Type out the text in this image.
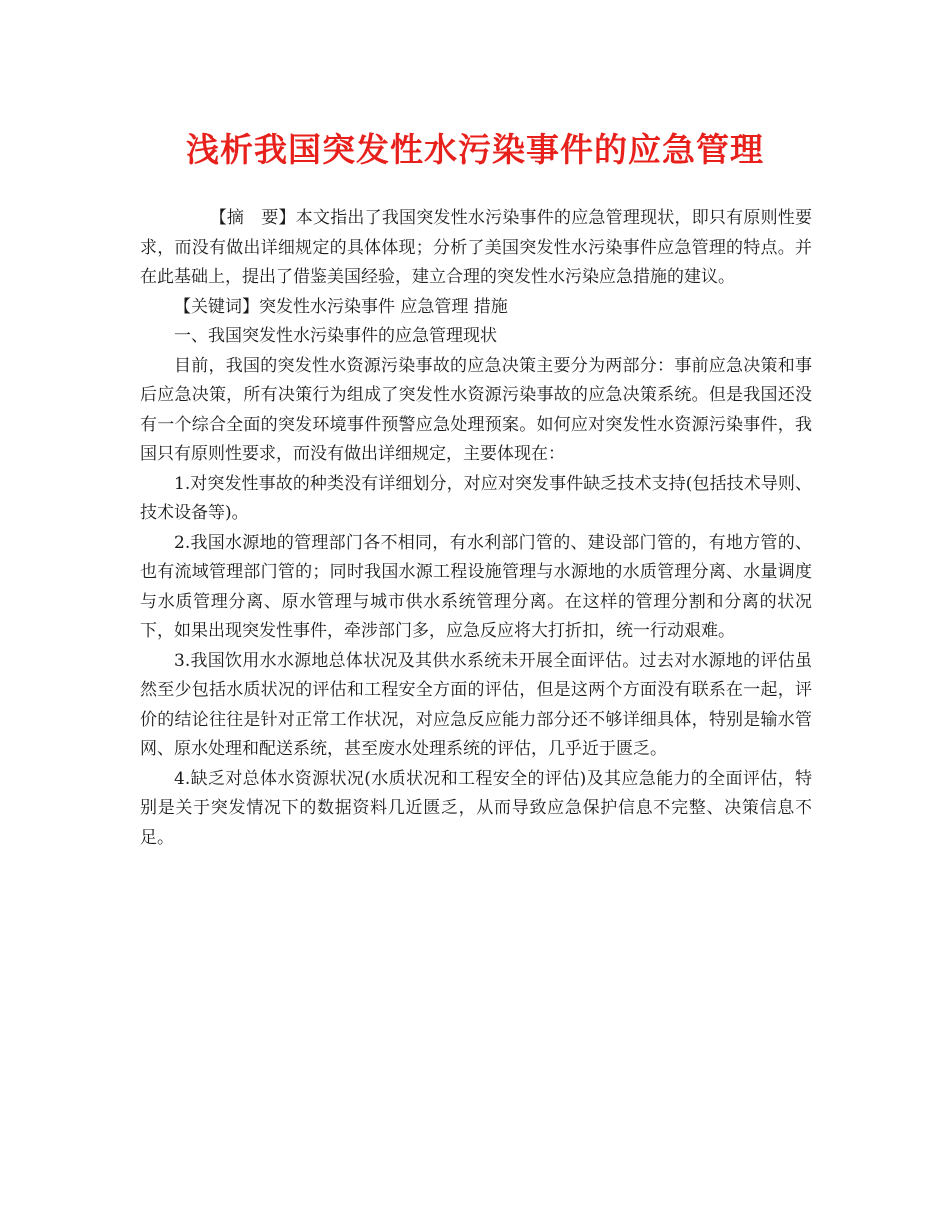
浅析我国突发性水污染事件的应急管理

【摘　要】本文指出了我国突发性水污染事件的应急管理现状，即只有原则性要求，而没有做出详细规定的具体体现；分析了美国突发性水污染事件应急管理的特点。并在此基础上，提出了借鉴美国经验，建立合理的突发性水污染应急措施的建议。

【关键词】突发性水污染事件 应急管理 措施

一、我国突发性水污染事件的应急管理现状

目前，我国的突发性水资源污染事故的应急决策主要分为两部分：事前应急决策和事后应急决策，所有决策行为组成了突发性水资源污染事故的应急决策系统。但是我国还没有一个综合全面的突发环境事件预警应急处理预案。如何应对突发性水资源污染事件，我国只有原则性要求，而没有做出详细规定，主要体现在：

1.对突发性事故的种类没有详细划分，对应对突发事件缺乏技术支持(包括技术导则、技术设备等)。

2.我国水源地的管理部门各不相同，有水利部门管的、建设部门管的，有地方管的、也有流域管理部门管的；同时我国水源工程设施管理与水源地的水质管理分离、水量调度与水质管理分离、原水管理与城市供水系统管理分离。在这样的管理分割和分离的状况下，如果出现突发性事件，牵涉部门多，应急反应将大打折扣，统一行动艰难。

3.我国饮用水水源地总体状况及其供水系统未开展全面评估。过去对水源地的评估虽然至少包括水质状况的评估和工程安全方面的评估，但是这两个方面没有联系在一起，评价的结论往往是针对正常工作状况，对应急反应能力部分还不够详细具体，特别是输水管网、原水处理和配送系统，甚至废水处理系统的评估，几乎近于匮乏。

4.缺乏对总体水资源状况(水质状况和工程安全的评估)及其应急能力的全面评估，特别是关于突发情况下的数据资料几近匮乏，从而导致应急保护信息不完整、决策信息不足。
